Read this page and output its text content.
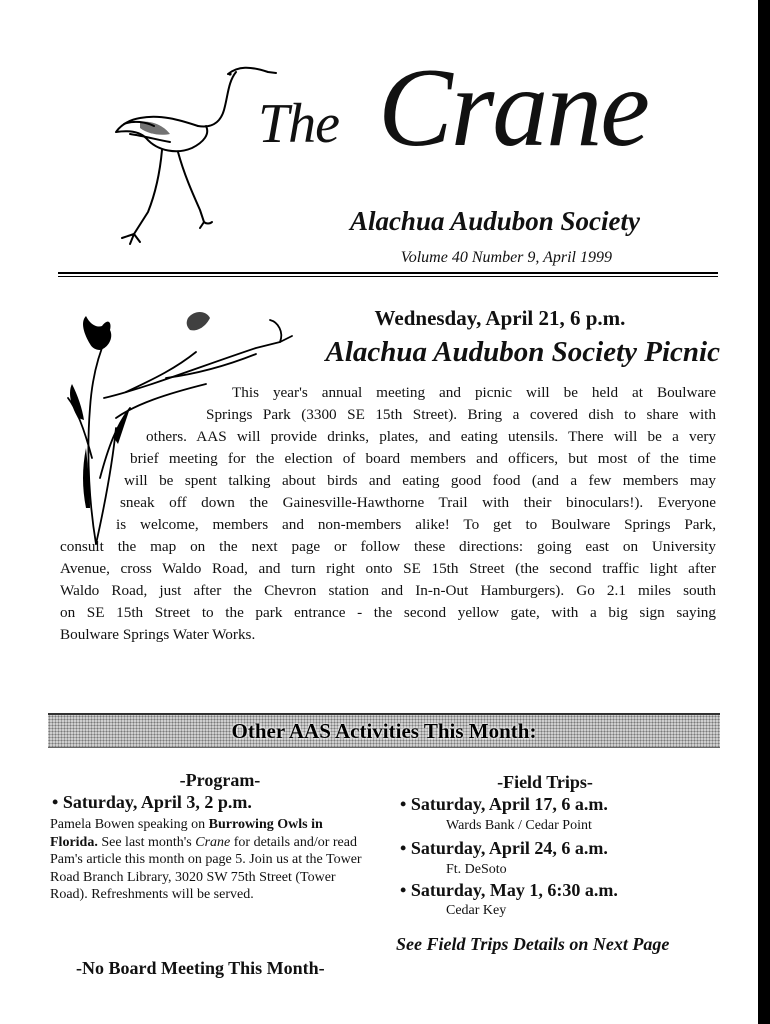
The Crane
Alachua Audubon Society
Volume 40 Number 9, April 1999
Wednesday, April 21, 6 p.m.
Alachua Audubon Society Picnic
This year's annual meeting and picnic will be held at Boulware
Springs Park (3300 SE 15th Street). Bring a covered dish to share with
others. AAS will provide drinks, plates, and eating utensils. There will be a very
brief meeting for the election of board members and officers, but most of the time
will be spent talking about birds and eating good food (and a few members may
sneak off down the Gainesville-Hawthorne Trail with their binoculars!). Everyone
is welcome, members and non-members alike! To get to Boulware Springs Park,
consult the map on the next page or follow these directions: going east on University
Avenue, cross Waldo Road, and turn right onto SE 15th Street (the second traffic light after
Waldo Road, just after the Chevron station and In-n-Out Hamburgers). Go 2.1 miles south
on SE 15th Street to the park entrance - the second yellow gate, with a big sign saying
Boulware Springs Water Works.
Other AAS Activities This Month:
-Program-
• Saturday, April 3, 2 p.m.
Pamela Bowen speaking on Burrowing Owls in Florida. See last month's Crane for details and/or read Pam's article this month on page 5. Join us at the Tower Road Branch Library, 3020 SW 75th Street (Tower Road). Refreshments will be served.
-No Board Meeting This Month-
-Field Trips-
• Saturday, April 17, 6 a.m.
Wards Bank / Cedar Point
• Saturday, April 24, 6 a.m.
Ft. DeSoto
• Saturday, May 1, 6:30 a.m.
Cedar Key
See Field Trips Details on Next Page
